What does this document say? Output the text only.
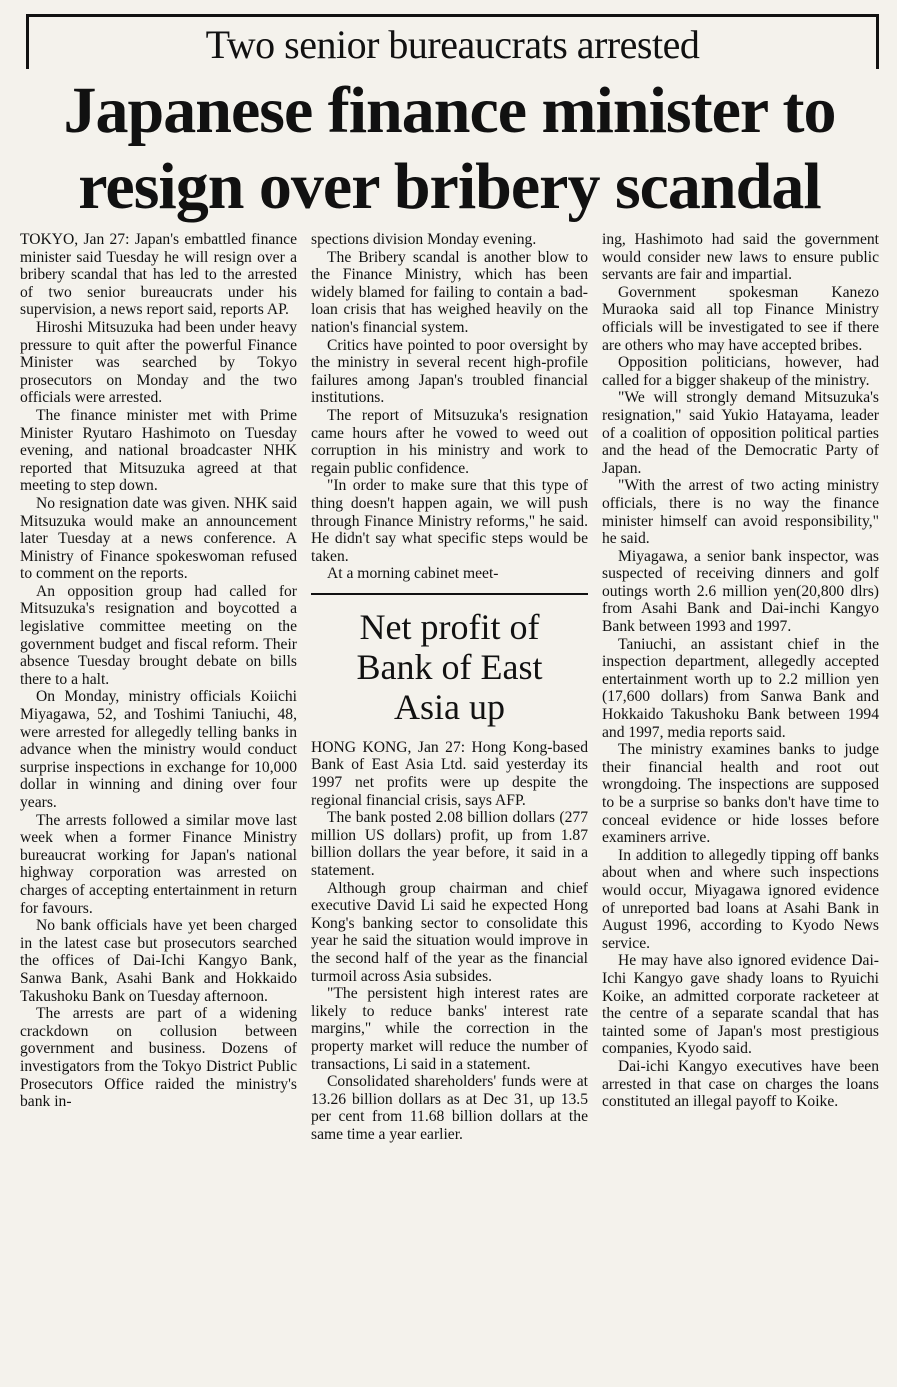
Two senior bureaucrats arrested
Japanese finance minister to
resign over bribery scandal

TOKYO, Jan 27: Japan's embattled finance minister said Tuesday he will resign over a bribery scandal that has led to the arrested of two senior bureaucrats under his supervision, a news report said, reports AP.

Hiroshi Mitsuzuka had been under heavy pressure to quit after the powerful Finance Minister was searched by Tokyo prosecutors on Monday and the two officials were arrested.

The finance minister met with Prime Minister Ryutaro Hashimoto on Tuesday evening, and national broadcaster NHK reported that Mitsuzuka agreed at that meeting to step down.

No resignation date was given. NHK said Mitsuzuka would make an announcement later Tuesday at a news conference. A Ministry of Finance spokeswoman refused to comment on the reports.

An opposition group had called for Mitsuzuka's resignation and boycotted a legislative committee meeting on the government budget and fiscal reform. Their absence Tuesday brought debate on bills there to a halt.

On Monday, ministry officials Koiichi Miyagawa, 52, and Toshimi Taniuchi, 48, were arrested for allegedly telling banks in advance when the ministry would conduct surprise inspections in exchange for 10,000 dollar in winning and dining over four years.

The arrests followed a similar move last week when a former Finance Ministry bureaucrat working for Japan's national highway corporation was arrested on charges of accepting entertainment in return for favours.

No bank officials have yet been charged in the latest case but prosecutors searched the offices of Dai-Ichi Kangyo Bank, Sanwa Bank, Asahi Bank and Hokkaido Takushoku Bank on Tuesday afternoon.

The arrests are part of a widening crackdown on collusion between government and business. Dozens of investigators from the Tokyo District Public Prosecutors Office raided the ministry's bank in-

spections division Monday evening.

The Bribery scandal is another blow to the Finance Ministry, which has been widely blamed for failing to contain a bad-loan crisis that has weighed heavily on the nation's financial system.

Critics have pointed to poor oversight by the ministry in several recent high-profile failures among Japan's troubled financial institutions.

The report of Mitsuzuka's resignation came hours after he vowed to weed out corruption in his ministry and work to regain public confidence.

"In order to make sure that this type of thing doesn't happen again, we will push through Finance Ministry reforms," he said. He didn't say what specific steps would be taken.

At a morning cabinet meet-

Net profit of
Bank of East
Asia up

HONG KONG, Jan 27: Hong Kong-based Bank of East Asia Ltd. said yesterday its 1997 net profits were up despite the regional financial crisis, says AFP.

The bank posted 2.08 billion dollars (277 million US dollars) profit, up from 1.87 billion dollars the year before, it said in a statement.

Although group chairman and chief executive David Li said he expected Hong Kong's banking sector to consolidate this year he said the situation would improve in the second half of the year as the financial turmoil across Asia subsides.

"The persistent high interest rates are likely to reduce banks' interest rate margins," while the correction in the property market will reduce the number of transactions, Li said in a statement.

Consolidated shareholders' funds were at 13.26 billion dollars as at Dec 31, up 13.5 per cent from 11.68 billion dollars at the same time a year earlier.

ing, Hashimoto had said the government would consider new laws to ensure public servants are fair and impartial.

Government spokesman Kanezo Muraoka said all top Finance Ministry officials will be investigated to see if there are others who may have accepted bribes.

Opposition politicians, however, had called for a bigger shakeup of the ministry.

"We will strongly demand Mitsuzuka's resignation," said Yukio Hatayama, leader of a coalition of opposition political parties and the head of the Democratic Party of Japan.

"With the arrest of two acting ministry officials, there is no way the finance minister himself can avoid responsibility," he said.

Miyagawa, a senior bank inspector, was suspected of receiving dinners and golf outings worth 2.6 million yen(20,800 dlrs) from Asahi Bank and Dai-inchi Kangyo Bank between 1993 and 1997.

Taniuchi, an assistant chief in the inspection department, allegedly accepted entertainment worth up to 2.2 million yen (17,600 dollars) from Sanwa Bank and Hokkaido Takushoku Bank between 1994 and 1997, media reports said.

The ministry examines banks to judge their financial health and root out wrongdoing. The inspections are supposed to be a surprise so banks don't have time to conceal evidence or hide losses before examiners arrive.

In addition to allegedly tipping off banks about when and where such inspections would occur, Miyagawa ignored evidence of unreported bad loans at Asahi Bank in August 1996, according to Kyodo News service.

He may have also ignored evidence Dai-Ichi Kangyo gave shady loans to Ryuichi Koike, an admitted corporate racketeer at the centre of a separate scandal that has tainted some of Japan's most prestigious companies, Kyodo said.

Dai-ichi Kangyo executives have been arrested in that case on charges the loans constituted an illegal payoff to Koike.
